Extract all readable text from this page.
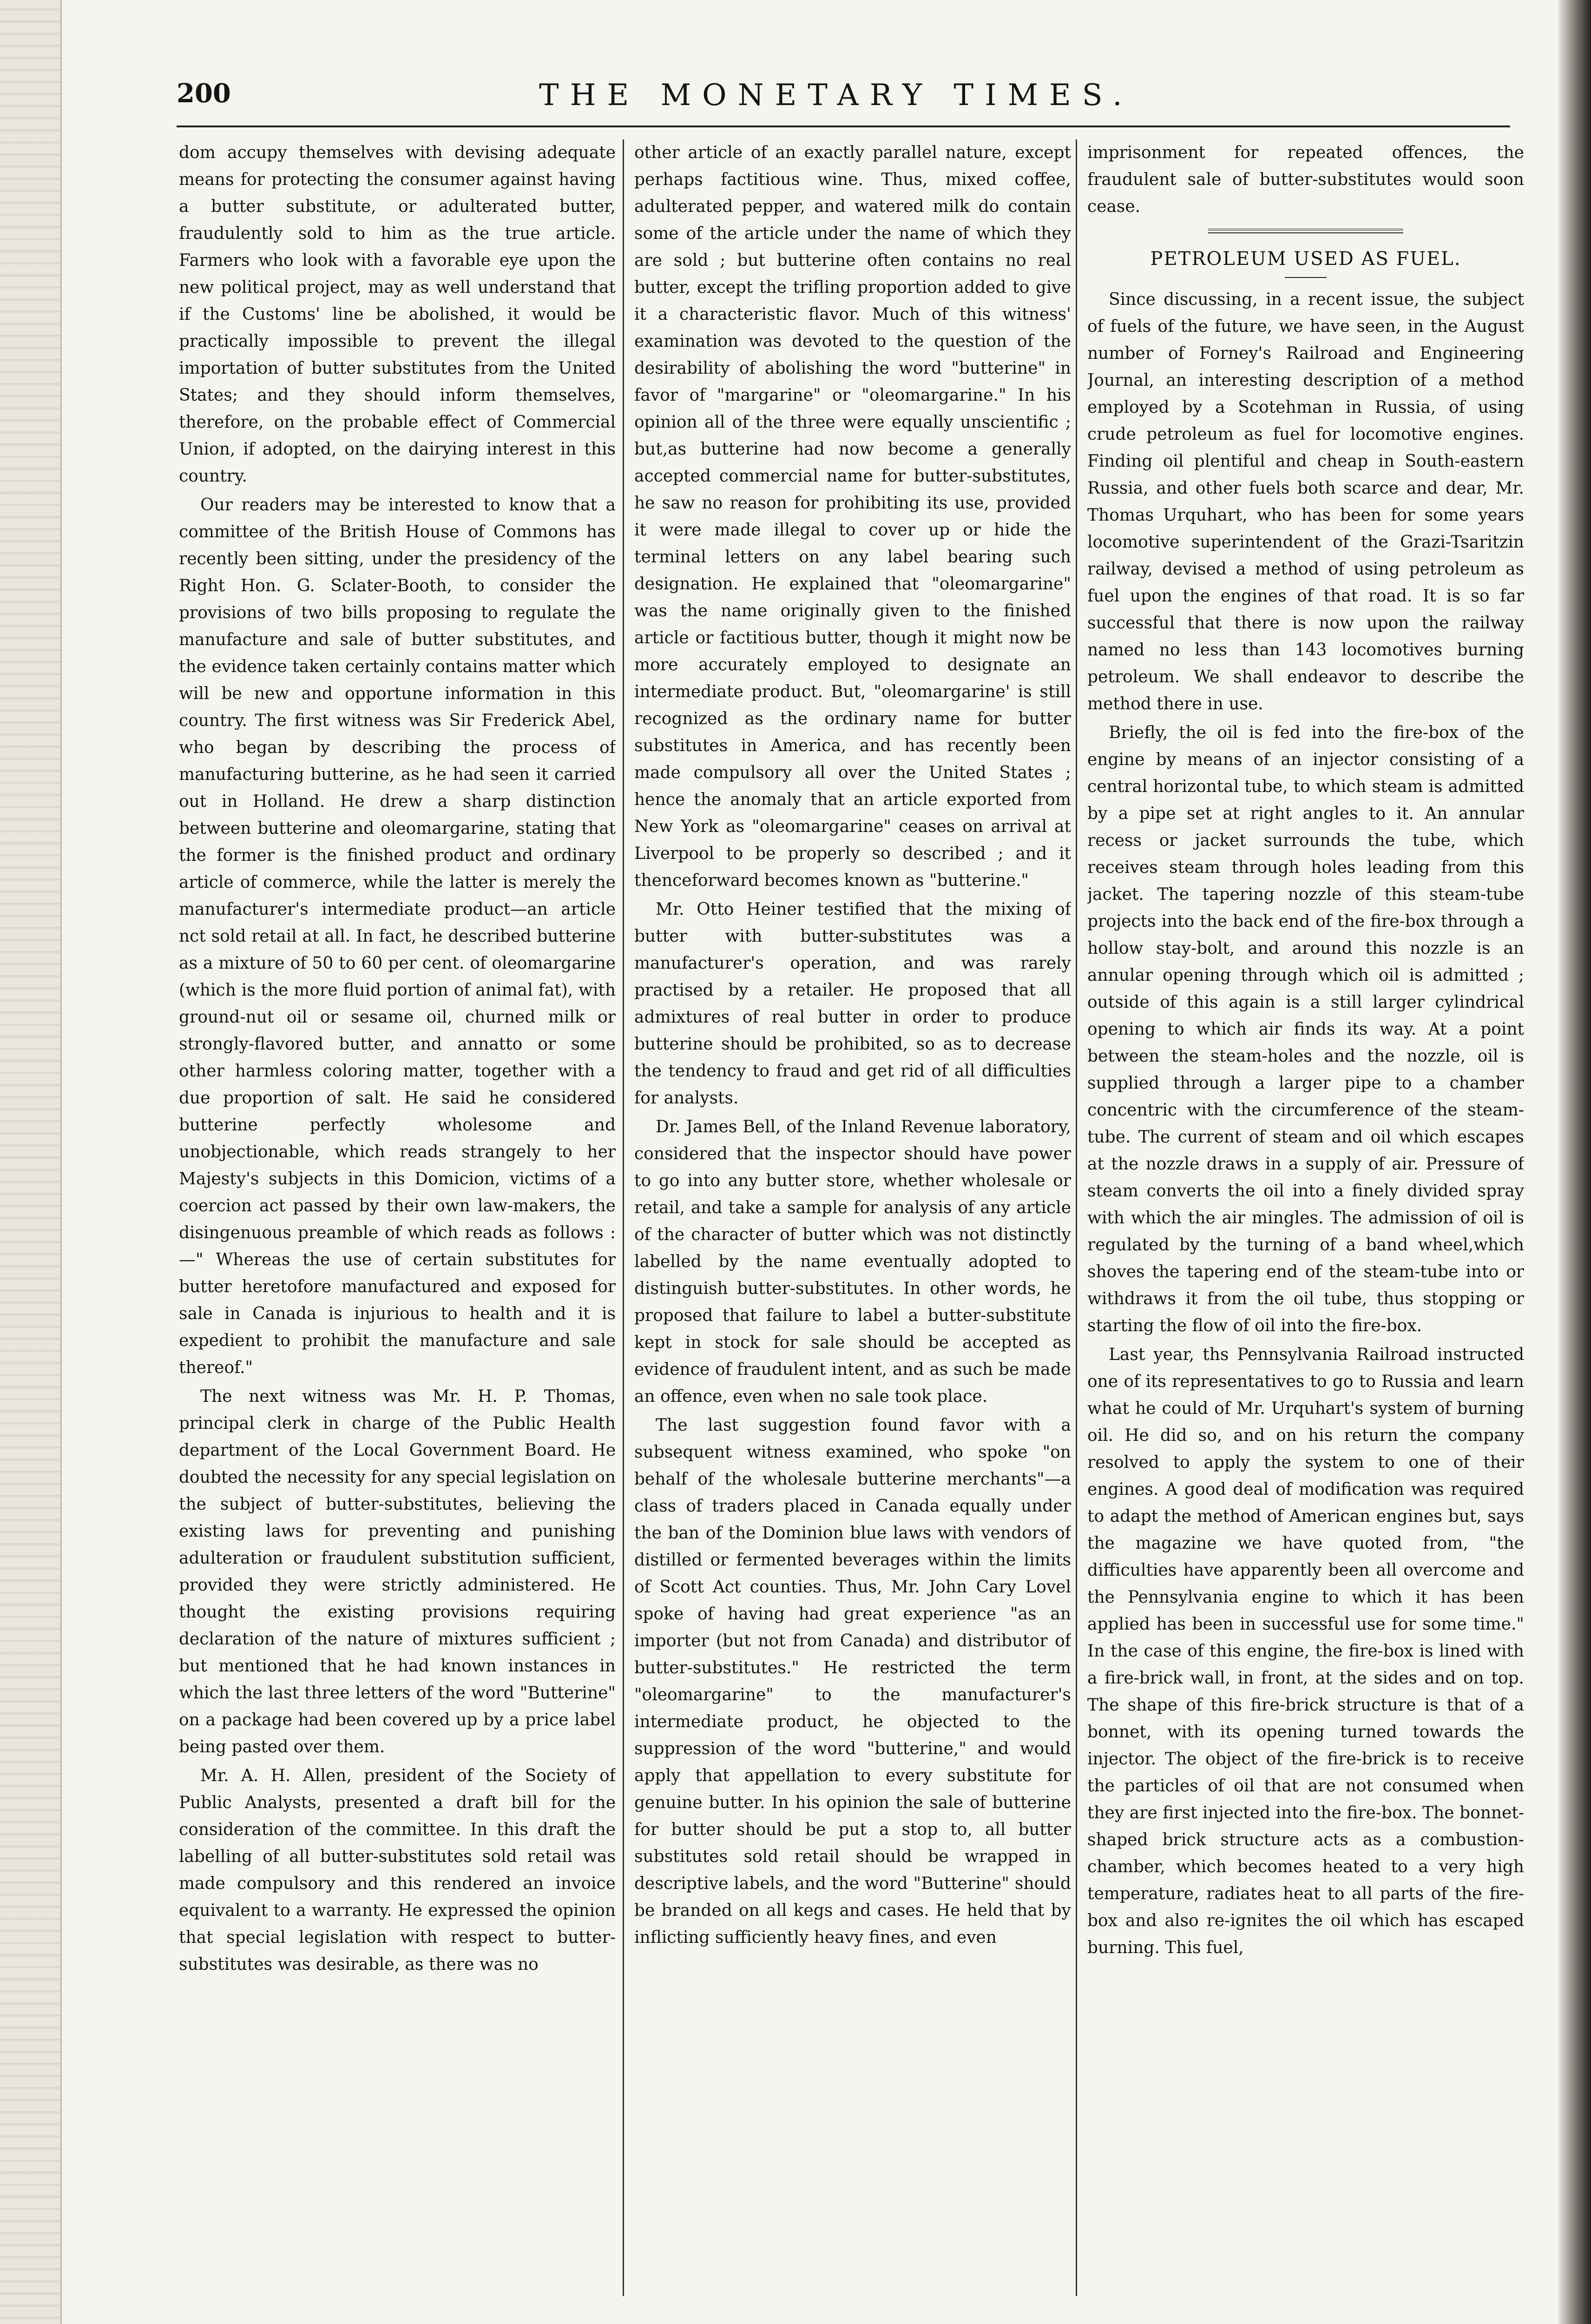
200	THE MONETARY TIMES.

dom accupy themselves with devising adequate means for protecting the consumer against having a butter substitute, or adulterated butter, fraudulently sold to him as the true article. Farmers who look with a favorable eye upon the new political project, may as well understand that if the Customs' line be abolished, it would be practically impossible to prevent the illegal importation of butter substitutes from the United States; and they should inform themselves, therefore, on the probable effect of Commercial Union, if adopted, on the dairying interest in this country.

Our readers may be interested to know that a committee of the British House of Commons has recently been sitting, under the presidency of the Right Hon. G. Sclater-Booth, to consider the provisions of two bills proposing to regulate the manufacture and sale of butter substitutes, and the evidence taken certainly contains matter which will be new and opportune information in this country. The first witness was Sir Frederick Abel, who began by describing the process of manufacturing butterine, as he had seen it carried out in Holland. He drew a sharp distinction between butterine and oleomargarine, stating that the former is the finished product and ordinary article of commerce, while the latter is merely the manufacturer's intermediate product—an article nct sold retail at all. In fact, he described butterine as a mixture of 50 to 60 per cent. of oleomargarine (which is the more fluid portion of animal fat), with ground-nut oil or sesame oil, churned milk or strongly-flavored butter, and annatto or some other harmless coloring matter, together with a due proportion of salt. He said he considered butterine perfectly wholesome and unobjectionable, which reads strangely to her Majesty's subjects in this Domicion, victims of a coercion act passed by their own law-makers, the disingenuous preamble of which reads as follows :—" Whereas the use of certain substitutes for butter heretofore manufactured and exposed for sale in Canada is injurious to health and it is expedient to prohibit the manufacture and sale thereof."

The next witness was Mr. H. P. Thomas, principal clerk in charge of the Public Health department of the Local Government Board. He doubted the necessity for any special legislation on the subject of butter-substitutes, believing the existing laws for preventing and punishing adulteration or fraudulent substitution sufficient, provided they were strictly administered. He thought the existing provisions requiring declaration of the nature of mixtures sufficient ; but mentioned that he had known instances in which the last three letters of the word "Butterine" on a package had been covered up by a price label being pasted over them.

Mr. A. H. Allen, president of the Society of Public Analysts, presented a draft bill for the consideration of the committee. In this draft the labelling of all butter-substitutes sold retail was made compulsory and this rendered an invoice equivalent to a warranty. He expressed the opinion that special legislation with respect to butter-substitutes was desirable, as there was no

other article of an exactly parallel nature, except perhaps factitious wine. Thus, mixed coffee, adulterated pepper, and watered milk do contain some of the article under the name of which they are sold ; but butterine often contains no real butter, except the trifling proportion added to give it a characteristic flavor. Much of this witness' examination was devoted to the question of the desirability of abolishing the word "butterine" in favor of "margarine" or "oleomargarine." In his opinion all of the three were equally unscientific ; but,as butterine had now become a generally accepted commercial name for butter-substitutes, he saw no reason for prohibiting its use, provided it were made illegal to cover up or hide the terminal letters on any label bearing such designation. He explained that "oleomargarine" was the name originally given to the finished article or factitious butter, though it might now be more accurately employed to designate an intermediate product. But, "oleomargarine' is still recognized as the ordinary name for butter substitutes in America, and has recently been made compulsory all over the United States ; hence the anomaly that an article exported from New York as "oleomargarine" ceases on arrival at Liverpool to be properly so described ; and it thenceforward becomes known as "butterine."

Mr. Otto Heiner testified that the mixing of butter with butter-substitutes was a manufacturer's operation, and was rarely practised by a retailer. He proposed that all admixtures of real butter in order to produce butterine should be prohibited, so as to decrease the tendency to fraud and get rid of all difficulties for analysts.

Dr. James Bell, of the Inland Revenue laboratory, considered that the inspector should have power to go into any butter store, whether wholesale or retail, and take a sample for analysis of any article of the character of butter which was not distinctly labelled by the name eventually adopted to distinguish butter-substitutes. In other words, he proposed that failure to label a butter-substitute kept in stock for sale should be accepted as evidence of fraudulent intent, and as such be made an offence, even when no sale took place.

The last suggestion found favor with a subsequent witness examined, who spoke "on behalf of the wholesale butterine merchants"—a class of traders placed in Canada equally under the ban of the Dominion blue laws with vendors of distilled or fermented beverages within the limits of Scott Act counties. Thus, Mr. John Cary Lovel spoke of having had great experience "as an importer (but not from Canada) and distributor of butter-substitutes." He restricted the term "oleomargarine" to the manufacturer's intermediate product, he objected to the suppression of the word "butterine," and would apply that appellation to every substitute for genuine butter. In his opinion the sale of butterine for butter should be put a stop to, all butter substitutes sold retail should be wrapped in descriptive labels, and the word "Butterine" should be branded on all kegs and cases. He held that by inflicting sufficiently heavy fines, and even

imprisonment for repeated offences, the fraudulent sale of butter-substitutes would soon cease.

PETROLEUM USED AS FUEL.

Since discussing, in a recent issue, the subject of fuels of the future, we have seen, in the August number of Forney's Railroad and Engineering Journal, an interesting description of a method employed by a Scotehman in Russia, of using crude petroleum as fuel for locomotive engines. Finding oil plentiful and cheap in South-eastern Russia, and other fuels both scarce and dear, Mr. Thomas Urquhart, who has been for some years locomotive superintendent of the Grazi-Tsaritzin railway, devised a method of using petroleum as fuel upon the engines of that road. It is so far successful that there is now upon the railway named no less than 143 locomotives burning petroleum. We shall endeavor to describe the method there in use.

Briefly, the oil is fed into the fire-box of the engine by means of an injector consisting of a central horizontal tube, to which steam is admitted by a pipe set at right angles to it. An annular recess or jacket surrounds the tube, which receives steam through holes leading from this jacket. The tapering nozzle of this steam-tube projects into the back end of the fire-box through a hollow stay-bolt, and around this nozzle is an annular opening through which oil is admitted ; outside of this again is a still larger cylindrical opening to which air finds its way. At a point between the steam-holes and the nozzle, oil is supplied through a larger pipe to a chamber concentric with the circumference of the steam-tube. The current of steam and oil which escapes at the nozzle draws in a supply of air. Pressure of steam converts the oil into a finely divided spray with which the air mingles. The admission of oil is regulated by the turning of a band wheel,which shoves the tapering end of the steam-tube into or withdraws it from the oil tube, thus stopping or starting the flow of oil into the fire-box.

Last year, ths Pennsylvania Railroad instructed one of its representatives to go to Russia and learn what he could of Mr. Urquhart's system of burning oil. He did so, and on his return the company resolved to apply the system to one of their engines. A good deal of modification was required to adapt the method of American engines but, says the magazine we have quoted from, "the difficulties have apparently been all overcome and the Pennsylvania engine to which it has been applied has been in successful use for some time." In the case of this engine, the fire-box is lined with a fire-brick wall, in front, at the sides and on top. The shape of this fire-brick structure is that of a bonnet, with its opening turned towards the injector. The object of the fire-brick is to receive the particles of oil that are not consumed when they are first injected into the fire-box. The bonnet-shaped brick structure acts as a combustion-chamber, which becomes heated to a very high temperature, radiates heat to all parts of the fire-box and also re-ignites the oil which has escaped burning. This fuel,
